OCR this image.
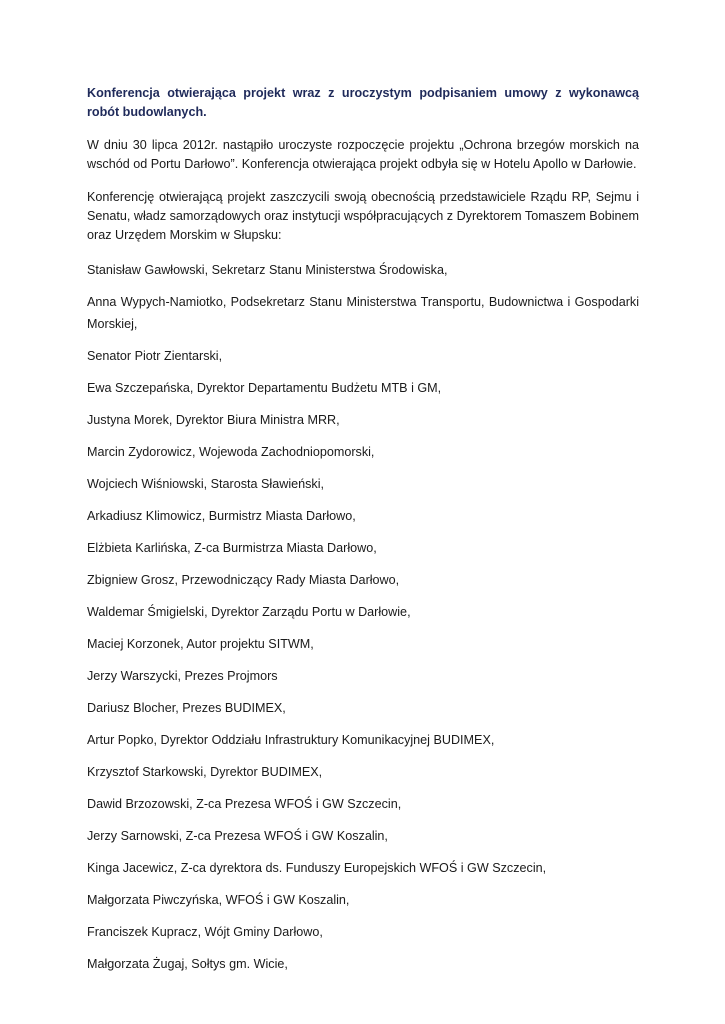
Konferencja otwierająca projekt wraz z uroczystym podpisaniem umowy z wykonawcą robót budowlanych.

W dniu 30 lipca 2012r. nastąpiło uroczyste rozpoczęcie projektu „Ochrona brzegów morskich na wschód od Portu Darłowo”. Konferencja otwierająca projekt odbyła się w Hotelu Apollo w Darłowie.

Konferencję otwierającą projekt zaszczycili swoją obecnością przedstawiciele Rządu RP, Sejmu i Senatu, władz samorządowych oraz instytucji współpracujących z Dyrektorem Tomaszem Bobinem oraz Urzędem Morskim w Słupsku:

Stanisław Gawłowski, Sekretarz Stanu Ministerstwa Środowiska,
Anna Wypych-Namiotko, Podsekretarz Stanu Ministerstwa Transportu, Budownictwa i Gospodarki Morskiej,
Senator Piotr Zientarski,
Ewa Szczepańska, Dyrektor Departamentu Budżetu MTB i GM,
Justyna Morek, Dyrektor Biura Ministra MRR,
Marcin Zydorowicz, Wojewoda Zachodniopomorski,
Wojciech Wiśniowski, Starosta Sławieński,
Arkadiusz Klimowicz, Burmistrz Miasta Darłowo,
Elżbieta Karlińska, Z-ca Burmistrza Miasta Darłowo,
Zbigniew Grosz, Przewodniczący Rady Miasta Darłowo,
Waldemar Śmigielski, Dyrektor Zarządu Portu w Darłowie,
Maciej Korzonek, Autor projektu SITWM,
Jerzy Warszycki, Prezes Projmors
Dariusz Blocher, Prezes BUDIMEX,
Artur Popko, Dyrektor Oddziału Infrastruktury Komunikacyjnej BUDIMEX,
Krzysztof Starkowski, Dyrektor BUDIMEX,
Dawid Brzozowski, Z-ca Prezesa WFOŚ i GW Szczecin,
Jerzy Sarnowski, Z-ca Prezesa WFOŚ i GW Koszalin,
Kinga Jacewicz, Z-ca dyrektora ds. Funduszy Europejskich WFOŚ i GW Szczecin,
Małgorzata Piwczyńska, WFOŚ i GW Koszalin,
Franciszek Kupracz, Wójt Gminy Darłowo,
Małgorzata Żugaj, Sołtys gm. Wicie,
